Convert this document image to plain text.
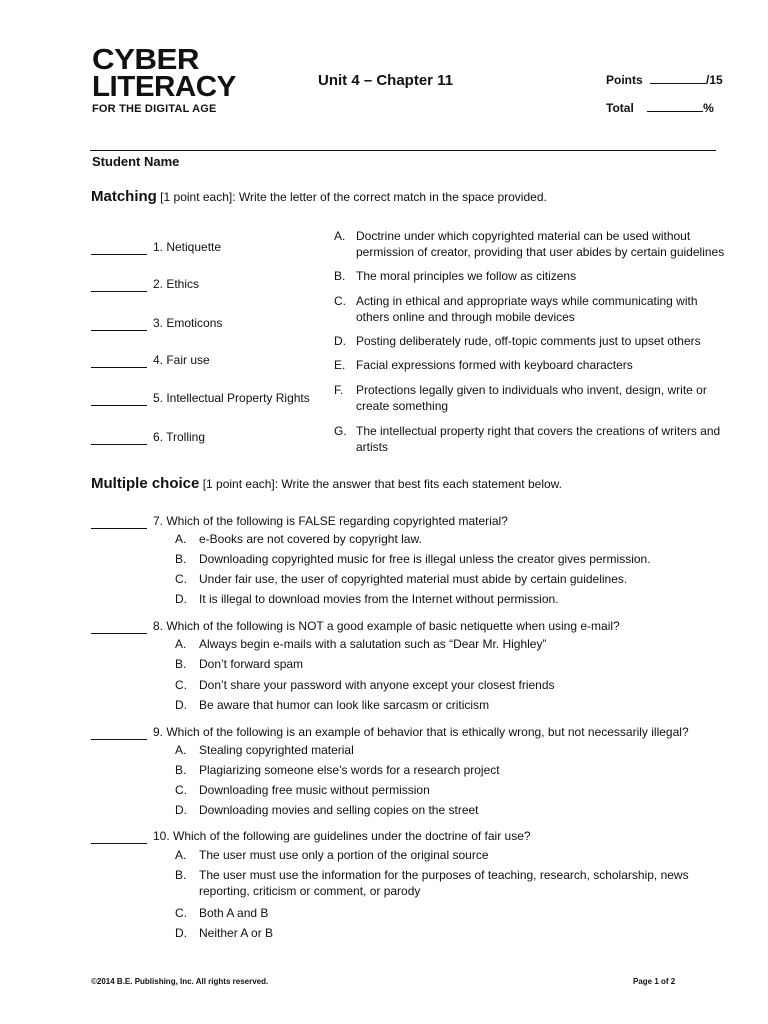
CYBER
LITERACY
FOR THE DIGITAL AGE
Unit 4 – Chapter 11	Points	/15
Total	%
Student Name
Matching [1 point each]: Write the letter of the correct match in the space provided.
1. Netiquette
2. Ethics
3. Emoticons
4. Fair use
5. Intellectual Property Rights
6. Trolling
A. Doctrine under which copyrighted material can be used without permission of creator, providing that user abides by certain guidelines
B. The moral principles we follow as citizens
C. Acting in ethical and appropriate ways while communicating with others online and through mobile devices
D. Posting deliberately rude, off-topic comments just to upset others
E. Facial expressions formed with keyboard characters
F.	Protections legally given to individuals who invent, design, write or create something
G. The intellectual property right that covers the creations of writers and artists
Multiple choice [1 point each]: Write the answer that best fits each statement below.
7. Which of the following is FALSE regarding copyrighted material?
A.	e-Books are not covered by copyright law.
B.	Downloading copyrighted music for free is illegal unless the creator gives permission.
C.	Under fair use, the user of copyrighted material must abide by certain guidelines.
D.	It is illegal to download movies from the Internet without permission.
8. Which of the following is NOT a good example of basic netiquette when using e-mail?
A.	Always begin e-mails with a salutation such as “Dear Mr. Highley”
B.	Don’t forward spam
C.	Don’t share your password with anyone except your closest friends
D.	Be aware that humor can look like sarcasm or criticism
9. Which of the following is an example of behavior that is ethically wrong, but not necessarily illegal?
A.	Stealing copyrighted material
B.	Plagiarizing someone else’s words for a research project
C.	Downloading free music without permission
D.	Downloading movies and selling copies on the street
10. Which of the following are guidelines under the doctrine of fair use?
A.	The user must use only a portion of the original source
B.	The user must use the information for the purposes of teaching, research, scholarship, news reporting, criticism or comment, or parody
C.	Both A and B
D.	Neither A or B
©2014 B.E. Publishing, Inc. All rights reserved.	Page 1 of 2
